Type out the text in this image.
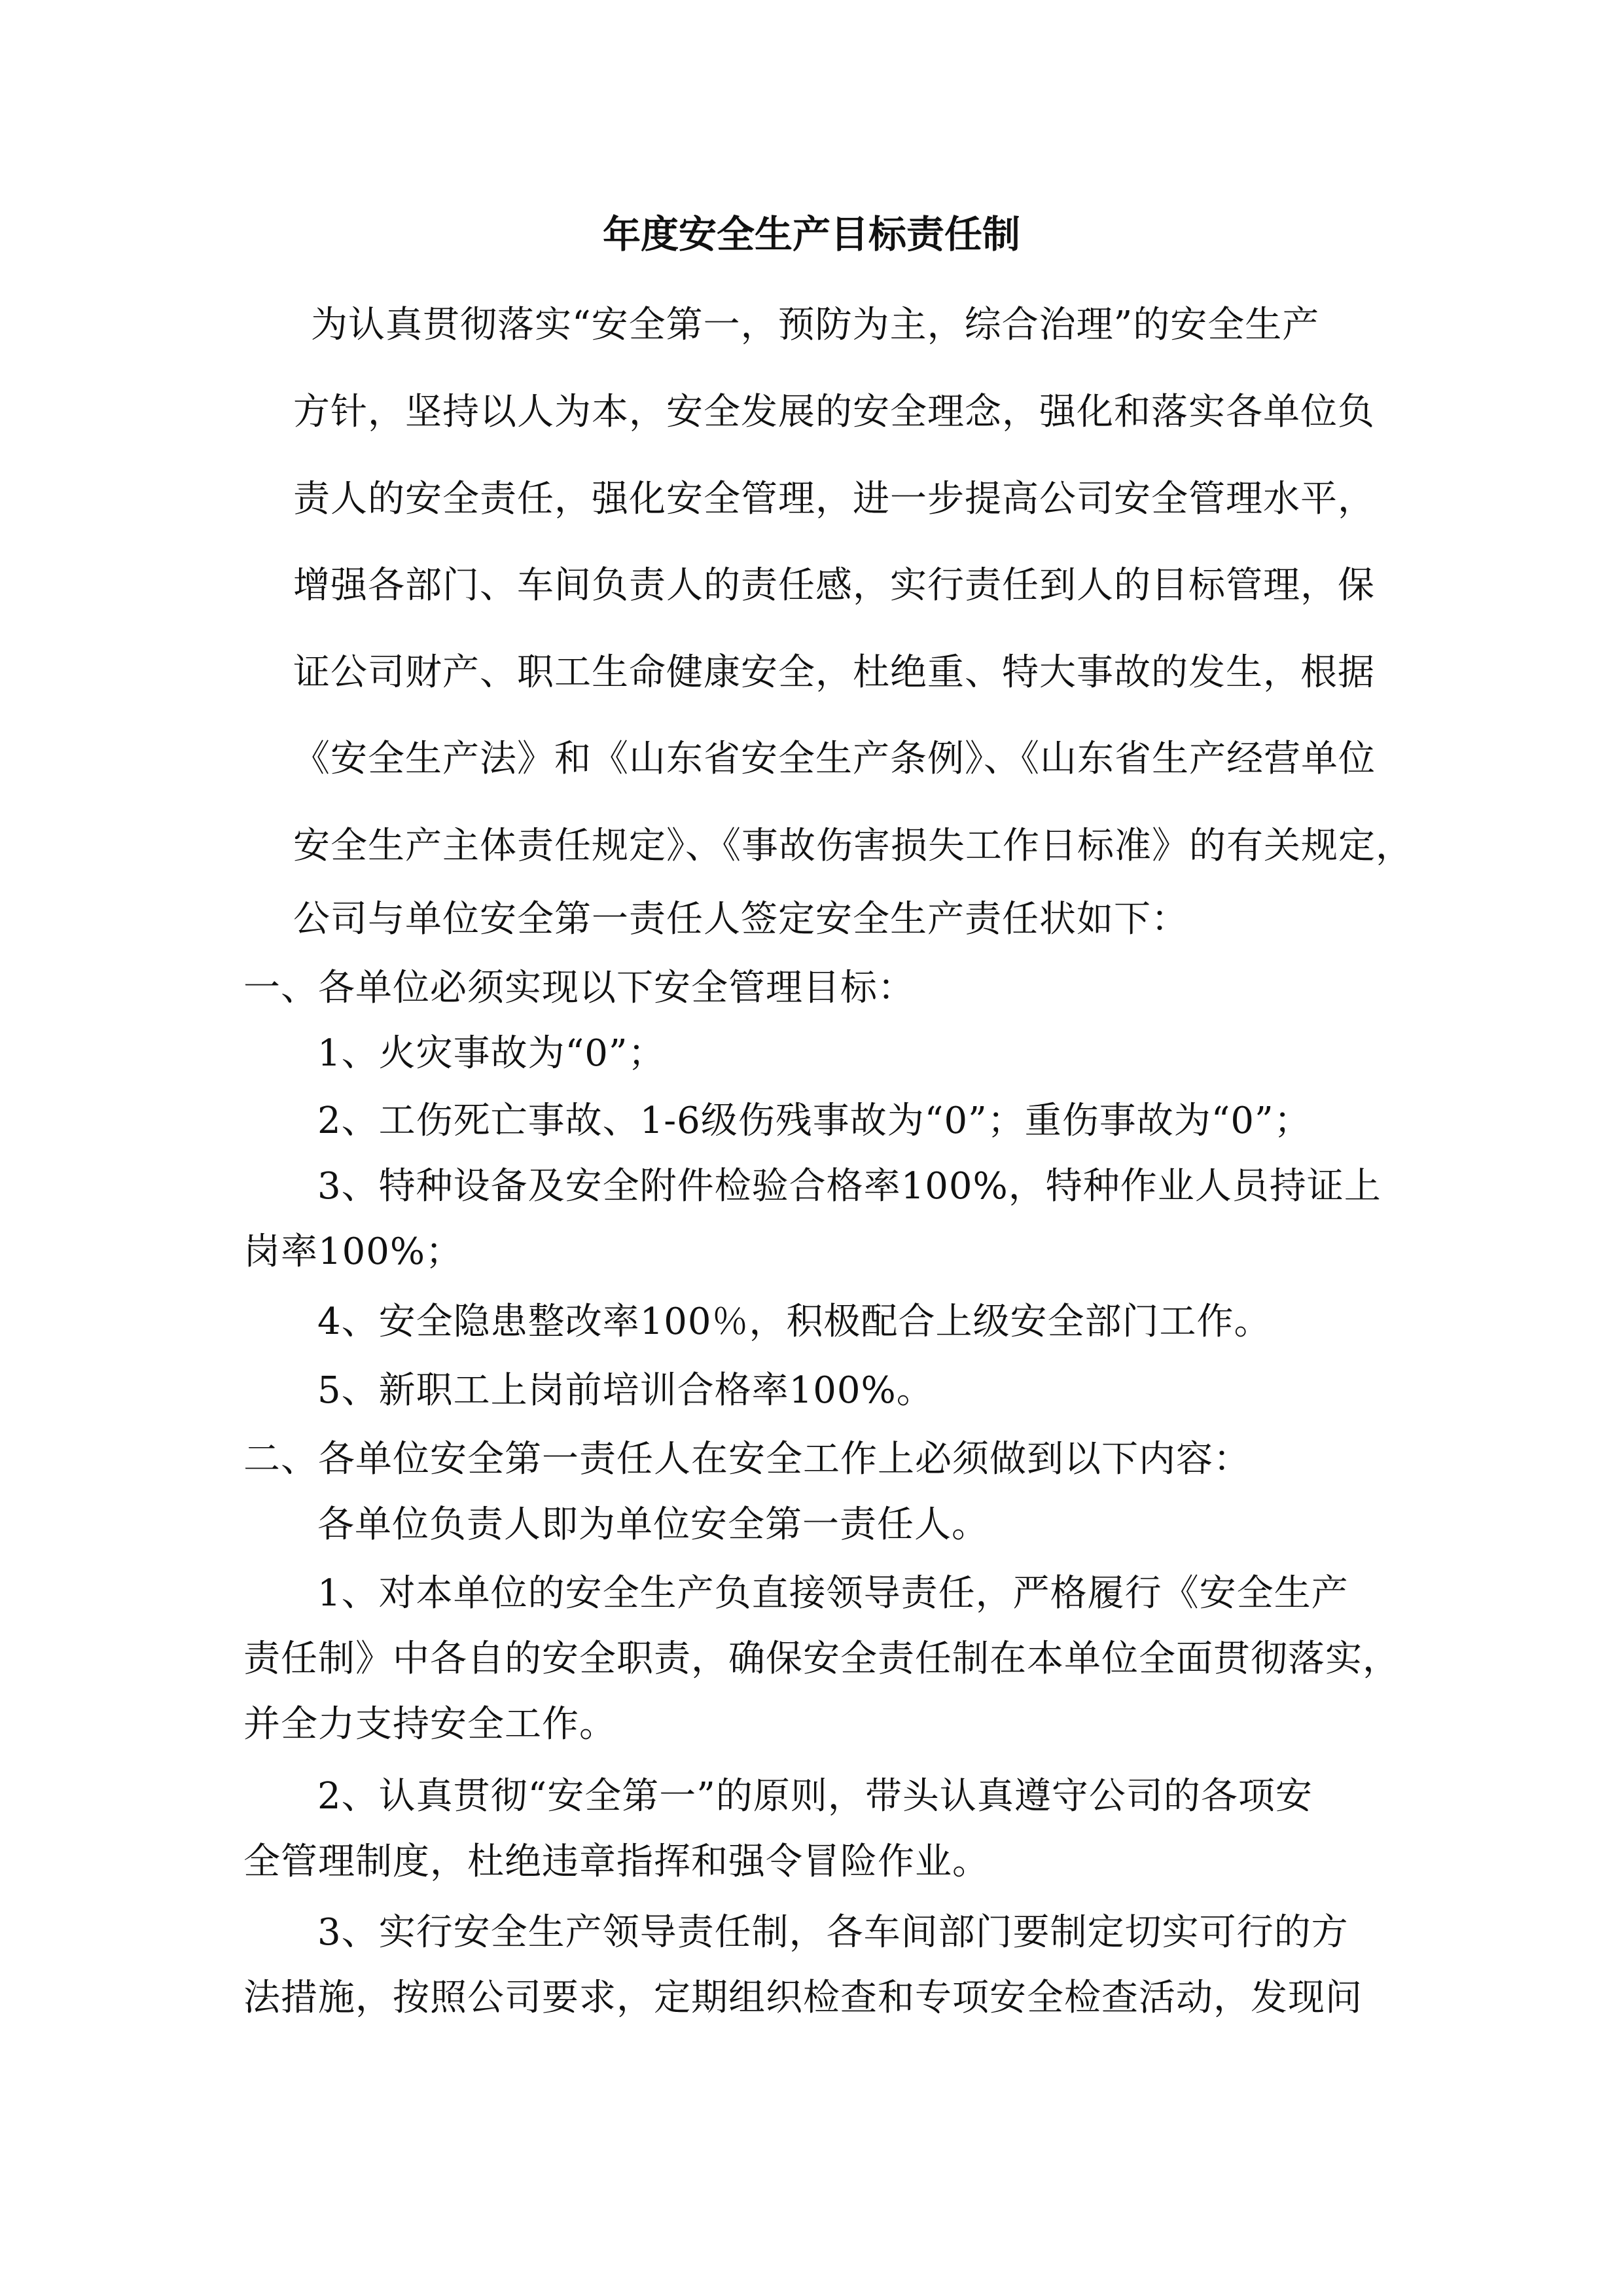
年度安全生产目标责任制
为认真贯彻落实“安全第一，预防为主，综合治理”的安全生产
方针，坚持以人为本，安全发展的安全理念，强化和落实各单位负
责人的安全责任，强化安全管理，进一步提高公司安全管理水平，
增强各部门、车间负责人的责任感，实行责任到人的目标管理，保
证公司财产、职工生命健康安全，杜绝重、特大事故的发生，根据
《安全生产法》和《山东省安全生产条例》、《山东省生产经营单位
安全生产主体责任规定》、《事故伤害损失工作日标准》的有关规定，
公司与单位安全第一责任人签定安全生产责任状如下：
一、各单位必须实现以下安全管理目标：
1、火灾事故为“0”；
2、工伤死亡事故、1-6级伤残事故为“0”；重伤事故为“0”；
3、特种设备及安全附件检验合格率100%，特种作业人员持证上
岗率100%；
4、安全隐患整改率100％，积极配合上级安全部门工作。
5、新职工上岗前培训合格率100%。
二、各单位安全第一责任人在安全工作上必须做到以下内容：
各单位负责人即为单位安全第一责任人。
1、对本单位的安全生产负直接领导责任，严格履行《安全生产
责任制》中各自的安全职责，确保安全责任制在本单位全面贯彻落实，
并全力支持安全工作。
2、认真贯彻“安全第一”的原则，带头认真遵守公司的各项安
全管理制度，杜绝违章指挥和强令冒险作业。
3、实行安全生产领导责任制，各车间部门要制定切实可行的方
法措施，按照公司要求，定期组织检查和专项安全检查活动，发现问
